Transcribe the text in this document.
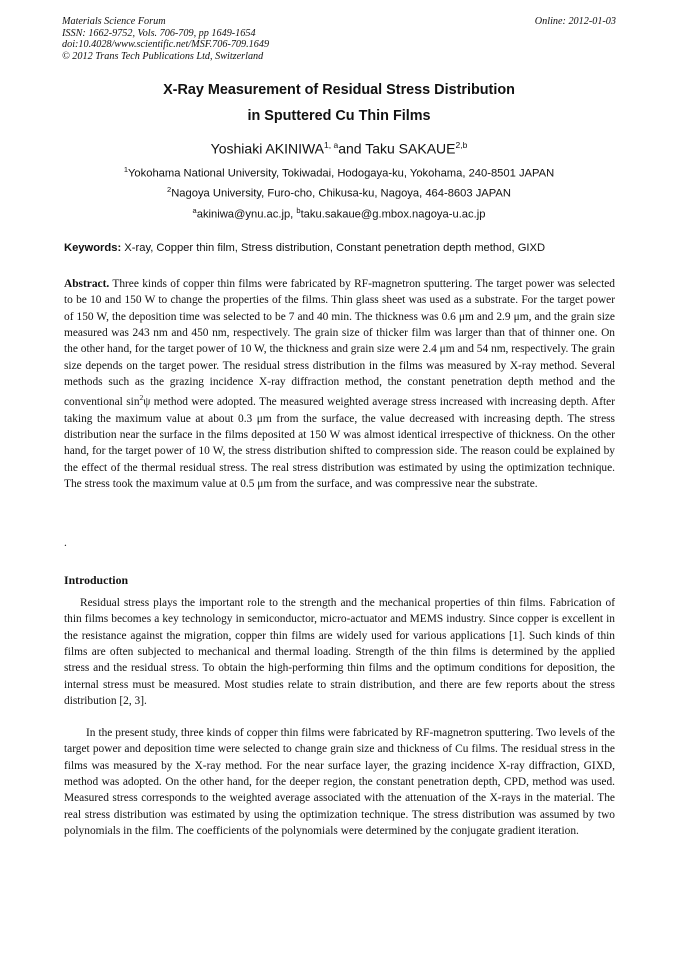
Materials Science Forum
ISSN: 1662-9752, Vols. 706-709, pp 1649-1654
doi:10.4028/www.scientific.net/MSF.706-709.1649
© 2012 Trans Tech Publications Ltd, Switzerland
Online: 2012-01-03
X-Ray Measurement of Residual Stress Distribution
in Sputtered Cu Thin Films
Yoshiaki AKINIWA$^{1, a}$and Taku SAKAUE$^{2,b}$
$^1$Yokohama National University, Tokiwadai, Hodogaya-ku, Yokohama, 240-8501 JAPAN
$^2$Nagoya University, Furo-cho, Chikusa-ku, Nagoya, 464-8603 JAPAN
$^a$akiniwa@ynu.ac.jp, $^b$taku.sakaue@g.mbox.nagoya-u.ac.jp
Keywords: X-ray, Copper thin film, Stress distribution, Constant penetration depth method, GIXD
Abstract. Three kinds of copper thin films were fabricated by RF-magnetron sputtering. The target power was selected to be 10 and 150 W to change the properties of the films. Thin glass sheet was used as a substrate. For the target power of 150 W, the deposition time was selected to be 7 and 40 min. The thickness was 0.6 μm and 2.9 μm, and the grain size measured was 243 nm and 450 nm, respectively. The grain size of thicker film was larger than that of thinner one. On the other hand, for the target power of 10 W, the thickness and grain size were 2.4 μm and 54 nm, respectively. The grain size depends on the target power. The residual stress distribution in the films was measured by X-ray method. Several methods such as the grazing incidence X-ray diffraction method, the constant penetration depth method and the conventional $\sin^2\psi$ method were adopted. The measured weighted average stress increased with increasing depth. After taking the maximum value at about 0.3 μm from the surface, the value decreased with increasing depth. The stress distribution near the surface in the films deposited at 150 W was almost identical irrespective of thickness. On the other hand, for the target power of 10 W, the stress distribution shifted to compression side. The reason could be explained by the effect of the thermal residual stress. The real stress distribution was estimated by using the optimization technique. The stress took the maximum value at 0.5 μm from the surface, and was compressive near the substrate.
.
Introduction
Residual stress plays the important role to the strength and the mechanical properties of thin films. Fabrication of thin films becomes a key technology in semiconductor, micro-actuator and MEMS industry. Since copper is excellent in the resistance against the migration, copper thin films are widely used for various applications [1]. Such kinds of thin films are often subjected to mechanical and thermal loading. Strength of the thin films is determined by the applied stress and the residual stress. To obtain the high-performing thin films and the optimum conditions for deposition, the internal stress must be measured. Most studies relate to strain distribution, and there are few reports about the stress distribution [2, 3].
In the present study, three kinds of copper thin films were fabricated by RF-magnetron sputtering. Two levels of the target power and deposition time were selected to change grain size and thickness of Cu films. The residual stress in the films was measured by the X-ray method. For the near surface layer, the grazing incidence X-ray diffraction, GIXD, method was adopted. On the other hand, for the deeper region, the constant penetration depth, CPD, method was used. Measured stress corresponds to the weighted average associated with the attenuation of the X-rays in the material. The real stress distribution was estimated by using the optimization technique. The stress distribution was assumed by two polynomials in the film. The coefficients of the polynomials were determined by the conjugate gradient iteration.
